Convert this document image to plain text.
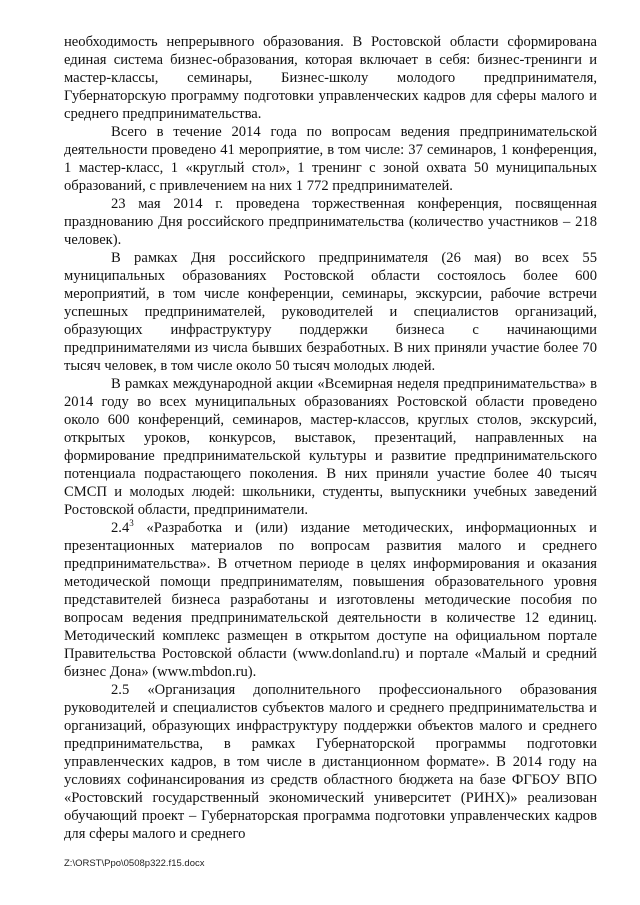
необходимость непрерывного образования. В Ростовской области сформирована единая система бизнес-образования, которая включает в себя: бизнес-тренинги и мастер-классы, семинары, Бизнес-школу молодого предпринимателя, Губернаторскую программу подготовки управленческих кадров для сферы малого и среднего предпринимательства.

Всего в течение 2014 года по вопросам ведения предпринимательской деятельности проведено 41 мероприятие, в том числе: 37 семинаров, 1 конференция, 1 мастер-класс, 1 «круглый стол», 1 тренинг с зоной охвата 50 муниципальных образований, с привлечением на них 1 772 предпринимателей.

23 мая 2014 г. проведена торжественная конференция, посвященная празднованию Дня российского предпринимательства (количество участников – 218 человек).

В рамках Дня российского предпринимателя (26 мая) во всех 55 муниципальных образованиях Ростовской области состоялось более 600 мероприятий, в том числе конференции, семинары, экскурсии, рабочие встречи успешных предпринимателей, руководителей и специалистов организаций, образующих инфраструктуру поддержки бизнеса с начинающими предпринимателями из числа бывших безработных. В них приняли участие более 70 тысяч человек, в том числе около 50 тысяч молодых людей.

В рамках международной акции «Всемирная неделя предпринимательства» в 2014 году во всех муниципальных образованиях Ростовской области проведено около 600 конференций, семинаров, мастер-классов, круглых столов, экскурсий, открытых уроков, конкурсов, выставок, презентаций, направленных на формирование предпринимательской культуры и развитие предпринимательского потенциала подрастающего поколения. В них приняли участие более 40 тысяч СМСП и молодых людей: школьники, студенты, выпускники учебных заведений Ростовской области, предприниматели.

$2.4^3$ «Разработка и (или) издание методических, информационных и презентационных материалов по вопросам развития малого и среднего предпринимательства». В отчетном периоде в целях информирования и оказания методической помощи предпринимателям, повышения образовательного уровня представителей бизнеса разработаны и изготовлены методические пособия по вопросам ведения предпринимательской деятельности в количестве 12 единиц. Методический комплекс размещен в открытом доступе на официальном портале Правительства Ростовской области (www.donland.ru) и портале «Малый и средний бизнес Дона» (www.mbdon.ru).

2.5 «Организация дополнительного профессионального образования руководителей и специалистов субъектов малого и среднего предпринимательства и организаций, образующих инфраструктуру поддержки объектов малого и среднего предпринимательства, в рамках Губернаторской программы подготовки управленческих кадров, в том числе в дистанционном формате». В 2014 году на условиях софинансирования из средств областного бюджета на базе ФГБОУ ВПО «Ростовский государственный экономический университет (РИНХ)» реализован обучающий проект – Губернаторская программа подготовки управленческих кадров для сферы малого и среднего

Z:\ORST\Ppo\0508p322.f15.docx
